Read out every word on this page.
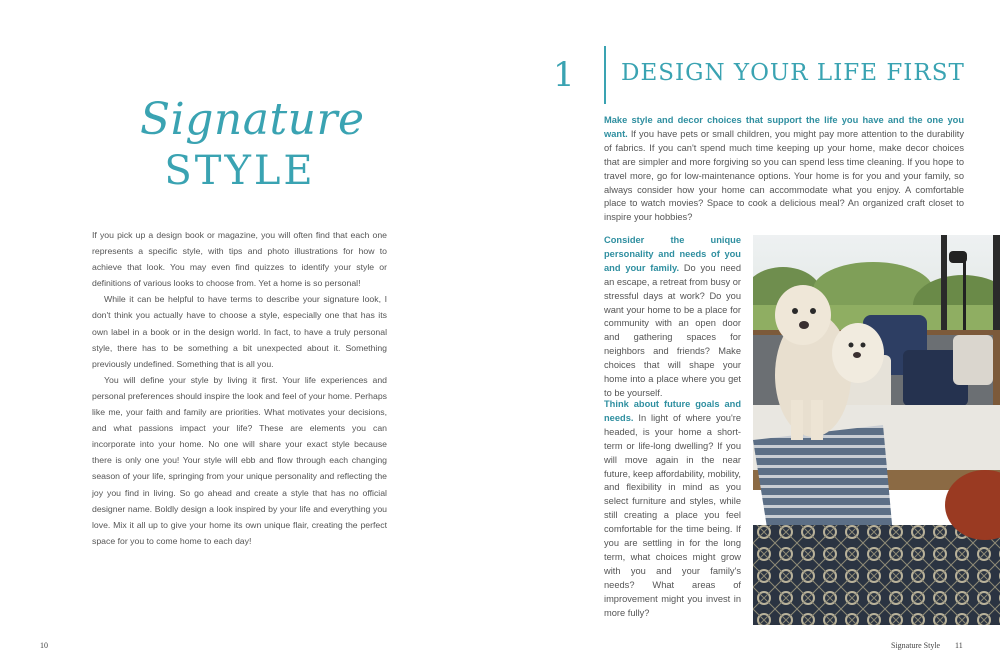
Signature
STYLE

If you pick up a design book or magazine, you will often find that each one represents a specific style, with tips and photo illustrations for how to achieve that look. You may even find quizzes to identify your style or definitions of various looks to choose from. Yet a home is so personal!

While it can be helpful to have terms to describe your signature look, I don't think you actually have to choose a style, especially one that has its own label in a book or in the design world. In fact, to have a truly personal style, there has to be something a bit unexpected about it. Something previously undefined. Something that is all you.

You will define your style by living it first. Your life experiences and personal preferences should inspire the look and feel of your home. Perhaps like me, your faith and family are priorities. What motivates your decisions, and what passions impact your life? These are elements you can incorporate into your home. No one will share your exact style because there is only one you! Your style will ebb and flow through each changing season of your life, springing from your unique personality and reflecting the joy you find in living. So go ahead and create a style that has no official designer name. Boldly design a look inspired by your life and everything you love. Mix it all up to give your home its own unique flair, creating the perfect space for you to come home to each day!

10
1 DESIGN YOUR LIFE FIRST

Make style and decor choices that support the life you have and the one you want. If you have pets or small children, you might pay more attention to the durability of fabrics. If you can't spend much time keeping up your home, make decor choices that are simpler and more forgiving so you can spend less time cleaning. If you hope to travel more, go for low-maintenance options. Your home is for you and your family, so always consider how your home can accommodate what you enjoy. A comfortable place to watch movies? Space to cook a delicious meal? An organized craft closet to inspire your hobbies?

Consider the unique personality and needs of you and your family. Do you need an escape, a retreat from busy or stressful days at work? Do you want your home to be a place for community with an open door and gathering spaces for neighbors and friends? Make choices that will shape your home into a place where you get to be yourself.

Think about future goals and needs. In light of where you're headed, is your home a short-term or life-long dwelling? If you will move again in the near future, keep affordability, mobility, and flexibility in mind as you select furniture and styles, while still creating a place you feel comfortable for the time being. If you are settling in for the long term, what choices might grow with you and your family's needs? What areas of improvement might you invest in more fully?

Signature Style 11
